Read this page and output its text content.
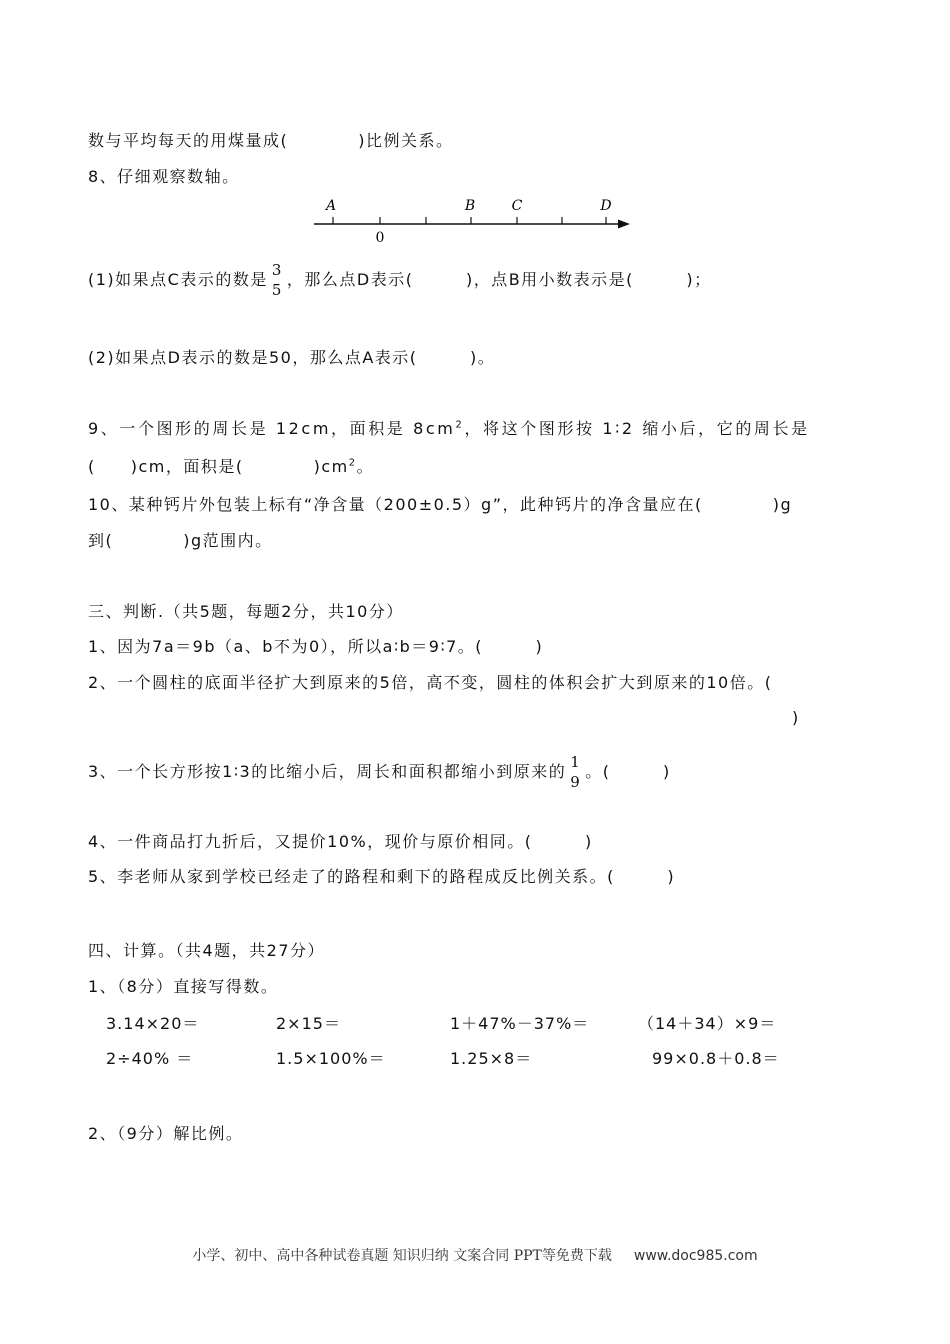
数与平均每天的用煤量成(　　　　)比例关系。
8、仔细观察数轴。
A
0
B	C	D
(1)如果点C表示的数是 3
5
，那么点D表示(　　　)，点B用小数表示是(　　　)；
(2)如果点D表示的数是50，那么点A表示(　　　)。
9、一个图形的周长是 12cm，面积是 $8cm^2$，将这个图形按 1∶2 缩小后，它的周长是
(　　)cm，面积是(　　　　)$cm^2$。
10、某种钙片外包装上标有“净含量（200±0.5）g”，此种钙片的净含量应在(　　　　)g
到(　　　　)g范围内。
三、判断.（共5题，每题2分，共10分）
1、因为7a＝9b（a、b不为0），所以a∶b＝9∶7。(　　　)
2、一个圆柱的底面半径扩大到原来的5倍，高不变，圆柱的体积会扩大到原来的10倍。(
)
3、一个长方形按1∶3的比缩小后，周长和面积都缩小到原来的 1
9
。(　　　)
4、一件商品打九折后，又提价10%，现价与原价相同。(　　　)
5、李老师从家到学校已经走了的路程和剩下的路程成反比例关系。(　　　)
四、计算。（共4题，共27分）
1、（8分）直接写得数。
3.14×20＝	2×15＝	1＋47%－37%＝	（14＋34）×9＝
2÷40% ＝	1.5×100%＝	1.25×8＝	99×0.8＋0.8＝
2、（9分）解比例。
小学、初中、高中各种试卷真题 知识归纳 文案合同 PPT等免费下载 www.doc985.com
